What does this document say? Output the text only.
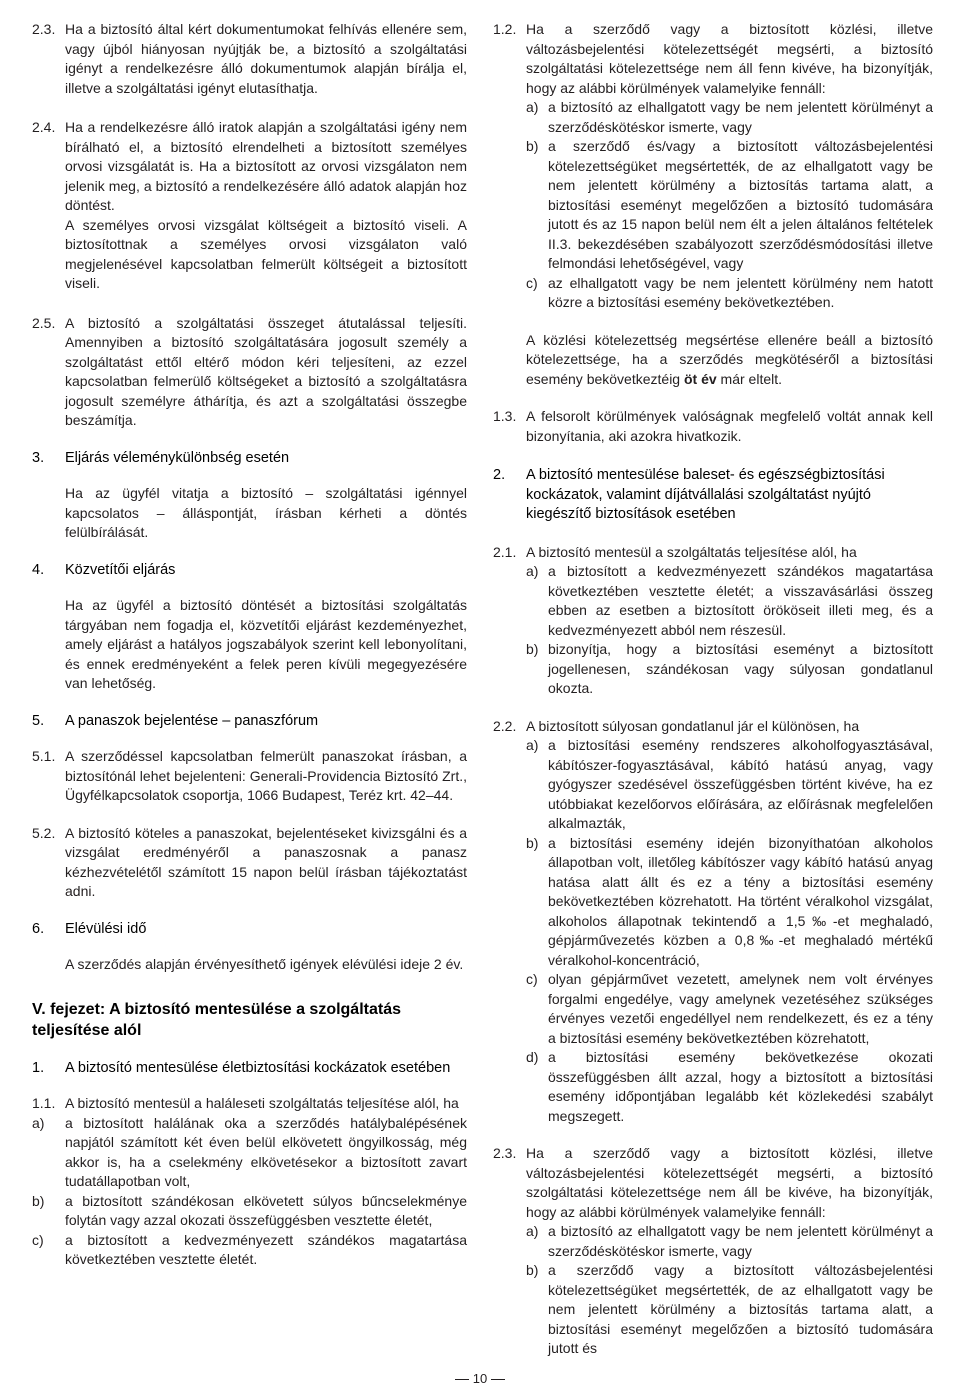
2.3. Ha a biztosító által kért dokumentumokat felhívás ellenére sem, vagy újból hiányosan nyújtják be, a biztosító a szolgáltatási igényt a rendelkezésre álló dokumentumok alapján bírálja el, illetve a szolgáltatási igényt elutasíthatja.

2.4. Ha a rendelkezésre álló iratok alapján a szolgáltatási igény nem bírálható el, a biztosító elrendelheti a biztosított személyes orvosi vizsgálatát is. Ha a biztosított az orvosi vizsgálaton nem jelenik meg, a biztosító a rendelkezésére álló adatok alapján hoz döntést.

A személyes orvosi vizsgálat költségeit a biztosító viseli. A biztosítottnak a személyes orvosi vizsgálaton való megjelenésével kapcsolatban felmerült költségeit a biztosított viseli.

2.5. A biztosító a szolgáltatási összeget átutalással teljesíti. Amennyiben a biztosító szolgáltatására jogosult személy a szolgáltatást ettől eltérő módon kéri teljesíteni, az ezzel kapcsolatban felmerülő költségeket a biztosító a szolgáltatásra jogosult személyre áthárítja, és azt a szolgáltatási összegbe beszámítja.

3.	Eljárás véleménykülönbség esetén

Ha az ügyfél vitatja a biztosító – szolgáltatási igénnyel kapcsolatos – álláspontját, írásban kérheti a döntés felülbírálását.

4.	Közvetítői eljárás

Ha az ügyfél a biztosító döntését a biztosítási szolgáltatás tárgyában nem fogadja el, közvetítői eljárást kezdeményezhet, amely eljárást a hatályos jogszabályok szerint kell lebonyolítani, és ennek eredményeként a felek peren kívüli megegyezésére van lehetőség.

5.	A panaszok bejelentése – panaszfórum
5.1. A szerződéssel kapcsolatban felmerült panaszokat írásban, a biztosítónál lehet bejelenteni: Generali-Providencia Biztosító Zrt., Ügyfélkapcsolatok csoportja, 1066 Budapest, Teréz krt. 42–44.

5.2. A biztosító köteles a panaszokat, bejelentéseket kivizsgálni és a vizsgálat eredményéről a panaszosnak a panasz kézhezvételétől számított 15 napon belül írásban tájékoztatást adni.

6.	Elévülési idő

A szerződés alapján érvényesíthető igények elévülési ideje 2 év.

V. fejezet: A biztosító mentesülése a szolgáltatás teljesítése alól

1.	A biztosító mentesülése életbiztosítási kockázatok esetében
1.1. A biztosító mentesül a haláleseti szolgáltatás teljesítése alól, ha

a)	a biztosított halálának oka a szerződés hatálybalépésének napjától számított két éven belül elkövetett öngyilkosság, még akkor is, ha a cselekmény elkövetésekor a biztosított zavart tudatállapotban volt,

b)	a biztosított szándékosan elkövetett súlyos bűncselekménye folytán vagy azzal okozati összefüggésben vesztette életét,

c)	a biztosított a kedvezményezett szándékos magatartása következtében vesztette életét.

1.2. Ha a szerződő vagy a biztosított közlési, illetve változásbejelentési kötelezettségét megsérti, a biztosító szolgáltatási kötelezettsége nem áll fenn kivéve, ha bizonyítják, hogy az alábbi körülmények valamelyike fennáll:

a) a biztosító az elhallgatott vagy be nem jelentett körülményt a szerződéskötéskor ismerte, vagy

b) a szerződő és/vagy a biztosított változásbejelentési kötelezettségüket megsértették, de az elhallgatott vagy be nem jelentett körülmény a biztosítás tartama alatt, a biztosítási eseményt megelőzően a biztosító tudomására jutott és az 15 napon belül nem élt a jelen általános feltételek II.3. bekezdésében szabályozott szerződésmódosítási illetve felmondási lehetőségével, vagy

c) az elhallgatott vagy be nem jelentett körülmény nem hatott közre a biztosítási esemény bekövetkeztében.

A közlési kötelezettség megsértése ellenére beáll a biztosító kötelezettsége, ha a szerződés megkötéséről a biztosítási esemény bekövetkeztéig öt év már eltelt.

1.3. A felsorolt körülmények valóságnak megfelelő voltát annak kell bizonyítania, aki azokra hivatkozik.

2.	A biztosító mentesülése baleset- és egészségbiztosítási kockázatok, valamint díjátvállalási szolgáltatást nyújtó kiegészítő biztosítások esetében
2.1. A biztosító mentesül a szolgáltatás teljesítése alól, ha

a) a biztosított a kedvezményezett szándékos magatartása következtében vesztette életét; a visszavásárlási összeg ebben az esetben a biztosított örököseit illeti meg, és a kedvezményezett abból nem részesül.

b) bizonyítja, hogy a biztosítási eseményt a biztosított jogellenesen, szándékosan vagy súlyosan gondatlanul okozta.

2.2. A biztosított súlyosan gondatlanul jár el különösen, ha

a) a biztosítási esemény rendszeres alkoholfogyasztásával, kábítószer-fogyasztásával, kábító hatású anyag, vagy gyógyszer szedésével összefüggésben történt kivéve, ha ez utóbbiakat kezelőorvos előírására, az előírásnak megfelelően alkalmazták,

b) a biztosítási esemény idején bizonyíthatóan alkoholos állapotban volt, illetőleg kábítószer vagy kábító hatású anyag hatása alatt állt és ez a tény a biztosítási esemény bekövetkeztében közrehatott. Ha történt véralkohol vizsgálat, alkoholos állapotnak tekintendő a 1,5‰-et meghaladó, gépjárművezetés közben a 0,8‰-et meghaladó mértékű véralkohol-koncentráció,

c) olyan gépjárművet vezetett, amelynek nem volt érvényes forgalmi engedélye, vagy amelynek vezetéséhez szükséges érvényes vezetői engedéllyel nem rendelkezett, és ez a tény a biztosítási esemény bekövetkeztében közrehatott,

d) a biztosítási esemény bekövetkezése okozati összefüggésben állt azzal, hogy a biztosított a biztosítási esemény időpontjában legalább két közlekedési szabályt megszegett.

2.3. Ha a szerződő vagy a biztosított közlési, illetve változásbejelentési kötelezettségét megsérti, a biztosító szolgáltatási kötelezettsége nem áll be kivéve, ha bizonyítják, hogy az alábbi körülmények valamelyike fennáll:

a) a biztosító az elhallgatott vagy be nem jelentett körülményt a szerződéskötéskor ismerte, vagy

b) a szerződő vagy a biztosított változásbejelentési kötelezettségüket megsértették, de az elhallgatott vagy be nem jelentett körülmény a biztosítás tartama alatt, a biztosítási eseményt megelőzően a biztosító tudomására jutott és

10
